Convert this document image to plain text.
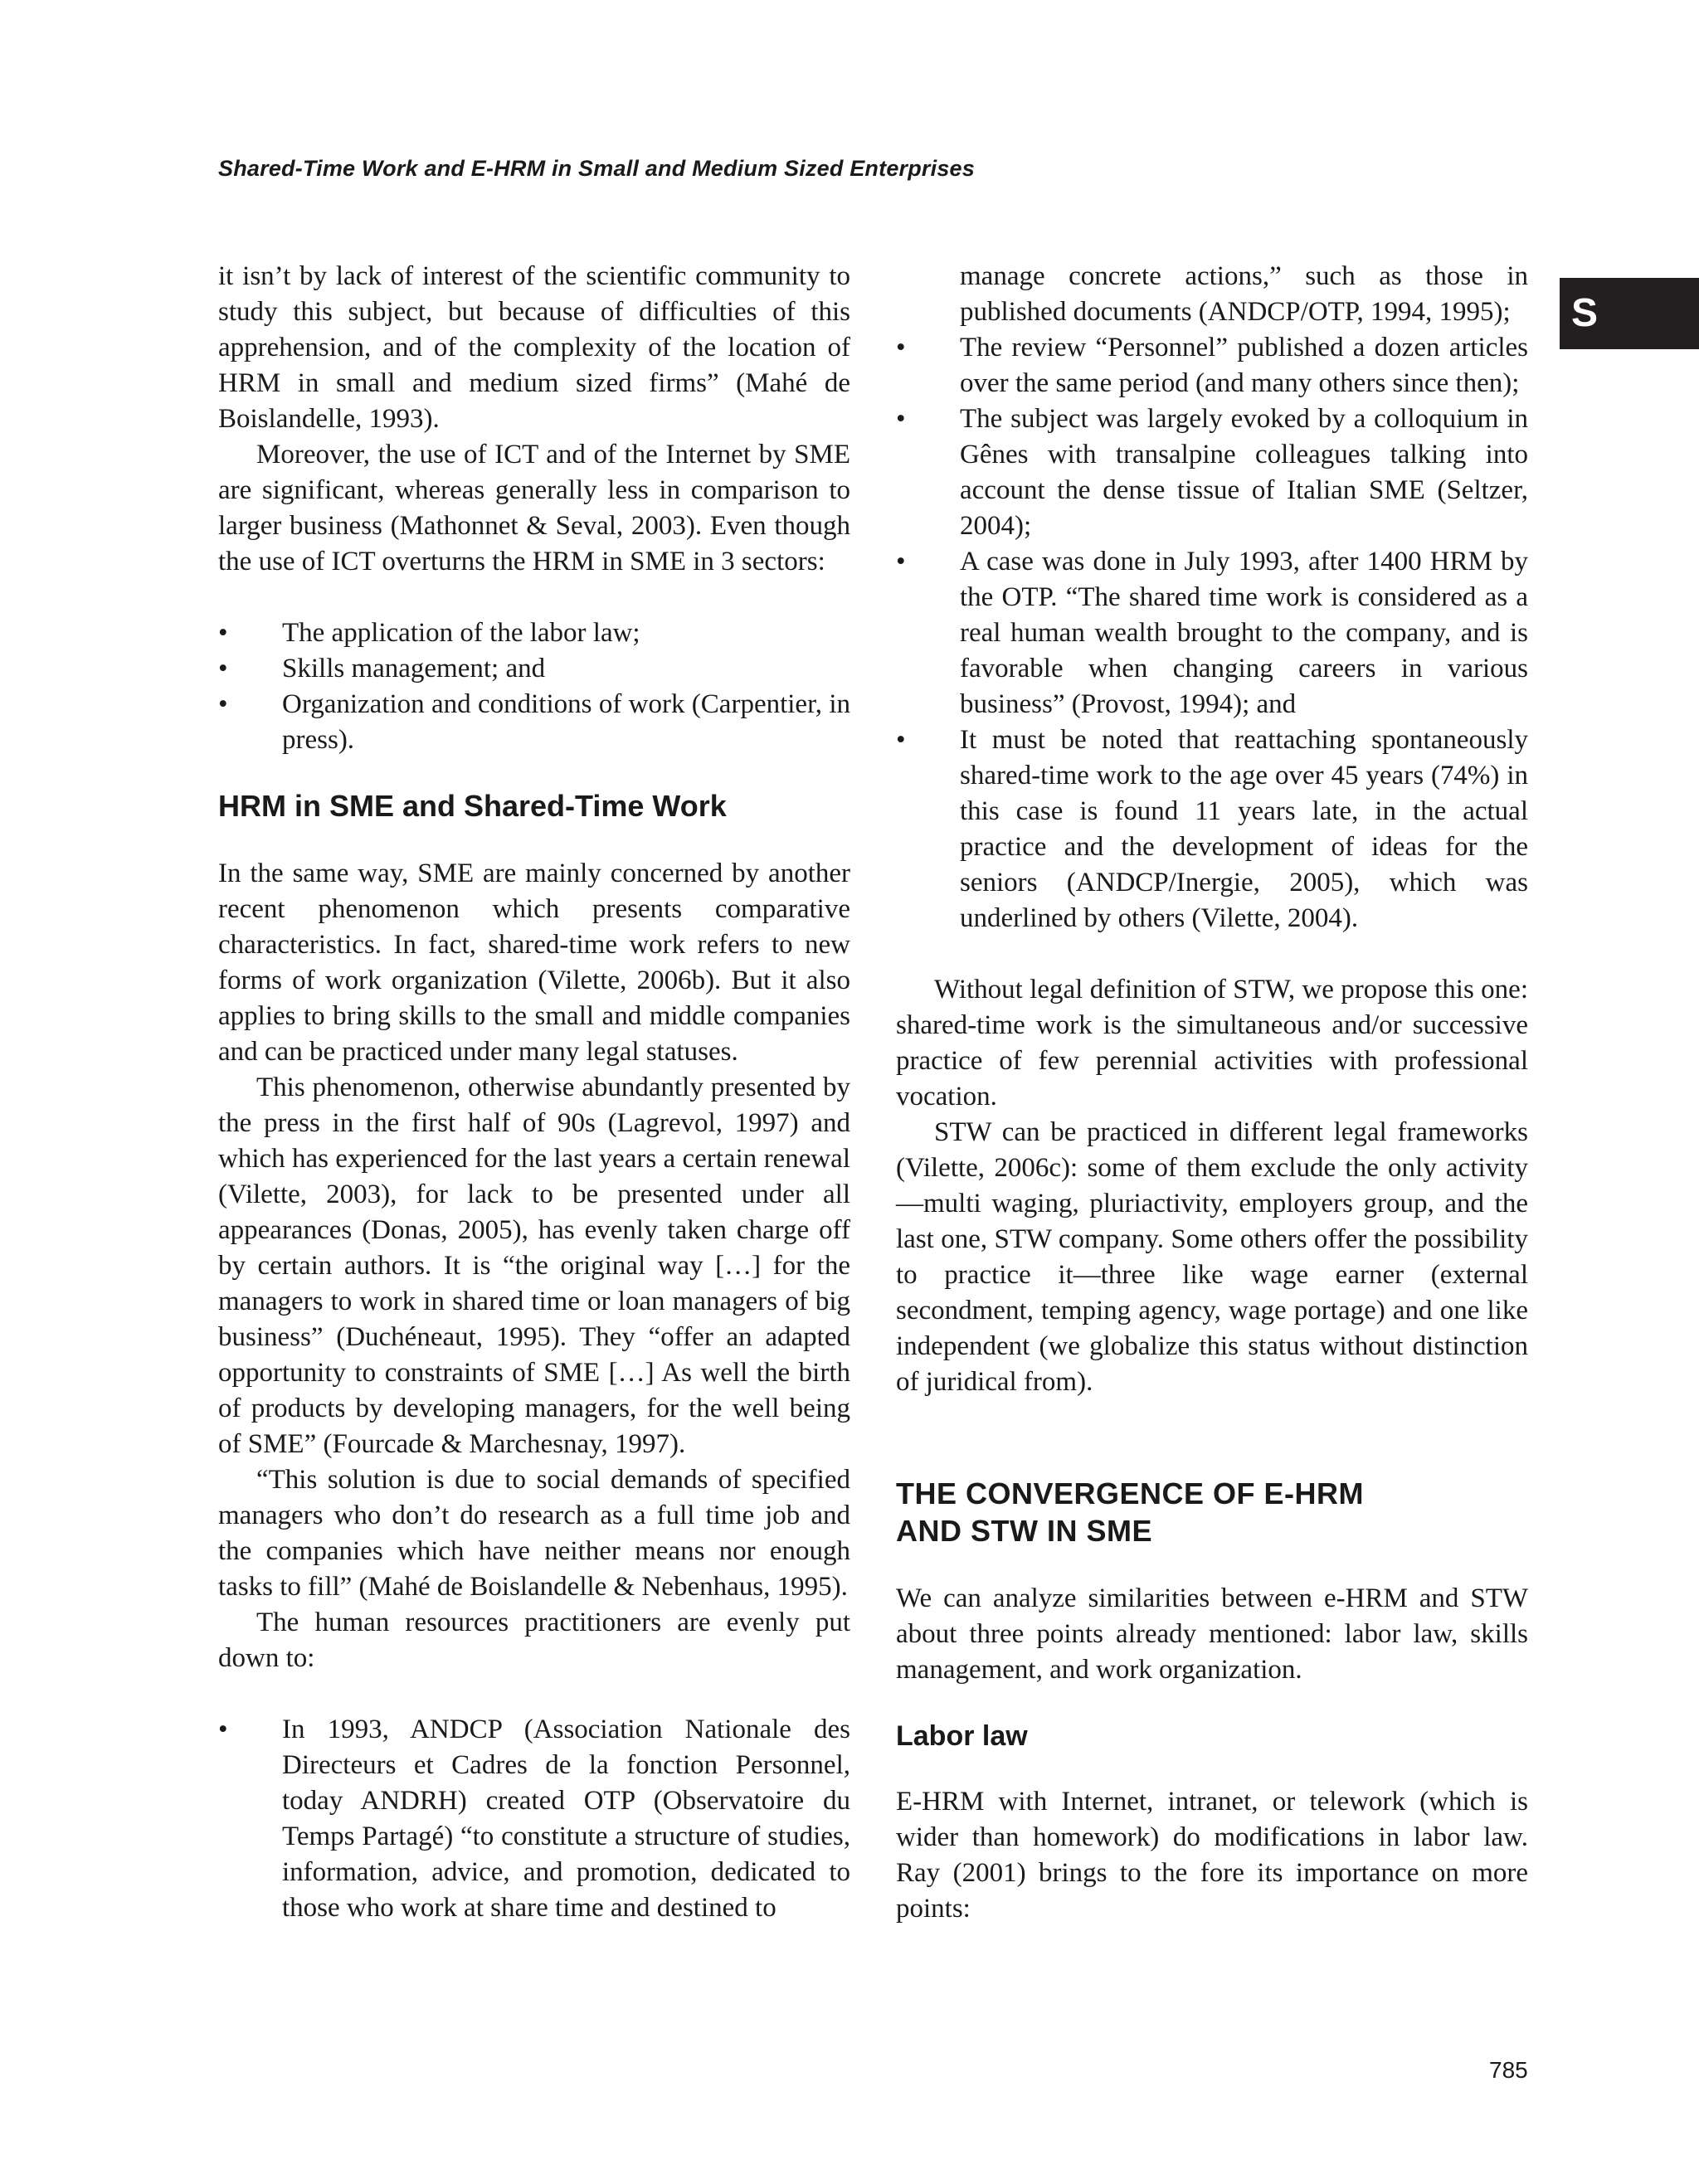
Shared-Time Work and E-HRM in Small and Medium Sized Enterprises
S

it isn’t by lack of interest of the scientific community to study this subject, but because of difficulties of this apprehension, and of the complexity of the location of HRM in small and medium sized firms” (Mahé de Boislandelle, 1993).

Moreover, the use of ICT and of the Internet by SME are significant, whereas generally less in comparison to larger business (Mathonnet & Seval, 2003). Even though the use of ICT overturns the HRM in SME in 3 sectors:

• The application of the labor law;
• Skills management; and
• Organization and conditions of work (Carpentier, in press).
HRM in SME and Shared-Time Work

In the same way, SME are mainly concerned by another recent phenomenon which presents comparative characteristics. In fact, shared-time work refers to new forms of work organization (Vilette, 2006b). But it also applies to bring skills to the small and middle companies and can be practiced under many legal statuses.

This phenomenon, otherwise abundantly presented by the press in the first half of 90s (Lagrevol, 1997) and which has experienced for the last years a certain renewal (Vilette, 2003), for lack to be presented under all appearances (Donas, 2005), has evenly taken charge off by certain authors. It is “the original way […] for the managers to work in shared time or loan managers of big business” (Duchéneaut, 1995). They “offer an adapted opportunity to constraints of SME […] As well the birth of products by developing managers, for the well being of SME” (Fourcade & Marchesnay, 1997).

“This solution is due to social demands of specified managers who don’t do research as a full time job and the companies which have neither means nor enough tasks to fill” (Mahé de Boislandelle & Nebenhaus, 1995).

The human resources practitioners are evenly put down to:

• In 1993, ANDCP (Association Nationale des Directeurs et Cadres de la fonction Personnel, today ANDRH) created OTP (Observatoire du Temps Partagé) “to constitute a structure of studies, information, advice, and promotion, dedicated to those who work at share time and destined to
manage concrete actions,” such as those in published documents (ANDCP/OTP, 1994, 1995);
• The review “Personnel” published a dozen articles over the same period (and many others since then);
• The subject was largely evoked by a colloquium in Gênes with transalpine colleagues talking into account the dense tissue of Italian SME (Seltzer, 2004);
• A case was done in July 1993, after 1400 HRM by the OTP. “The shared time work is considered as a real human wealth brought to the company, and is favorable when changing careers in various business” (Provost, 1994); and
• It must be noted that reattaching spontaneously shared-time work to the age over 45 years (74%) in this case is found 11 years late, in the actual practice and the development of ideas for the seniors (ANDCP/Inergie, 2005), which was underlined by others (Vilette, 2004).

Without legal definition of STW, we propose this one: shared-time work is the simultaneous and/or successive practice of few perennial activities with professional vocation.

STW can be practiced in different legal frameworks (Vilette, 2006c): some of them exclude the only activity—multi waging, pluriactivity, employers group, and the last one, STW company. Some others offer the possibility to practice it—three like wage earner (external secondment, temping agency, wage portage) and one like independent (we globalize this status without distinction of juridical from).

THE CONVERGENCE OF E-HRM
AND STW IN SME

We can analyze similarities between e-HRM and STW about three points already mentioned: labor law, skills management, and work organization.

Labor law

E-HRM with Internet, intranet, or telework (which is wider than homework) do modifications in labor law. Ray (2001) brings to the fore its importance on more points:

785
